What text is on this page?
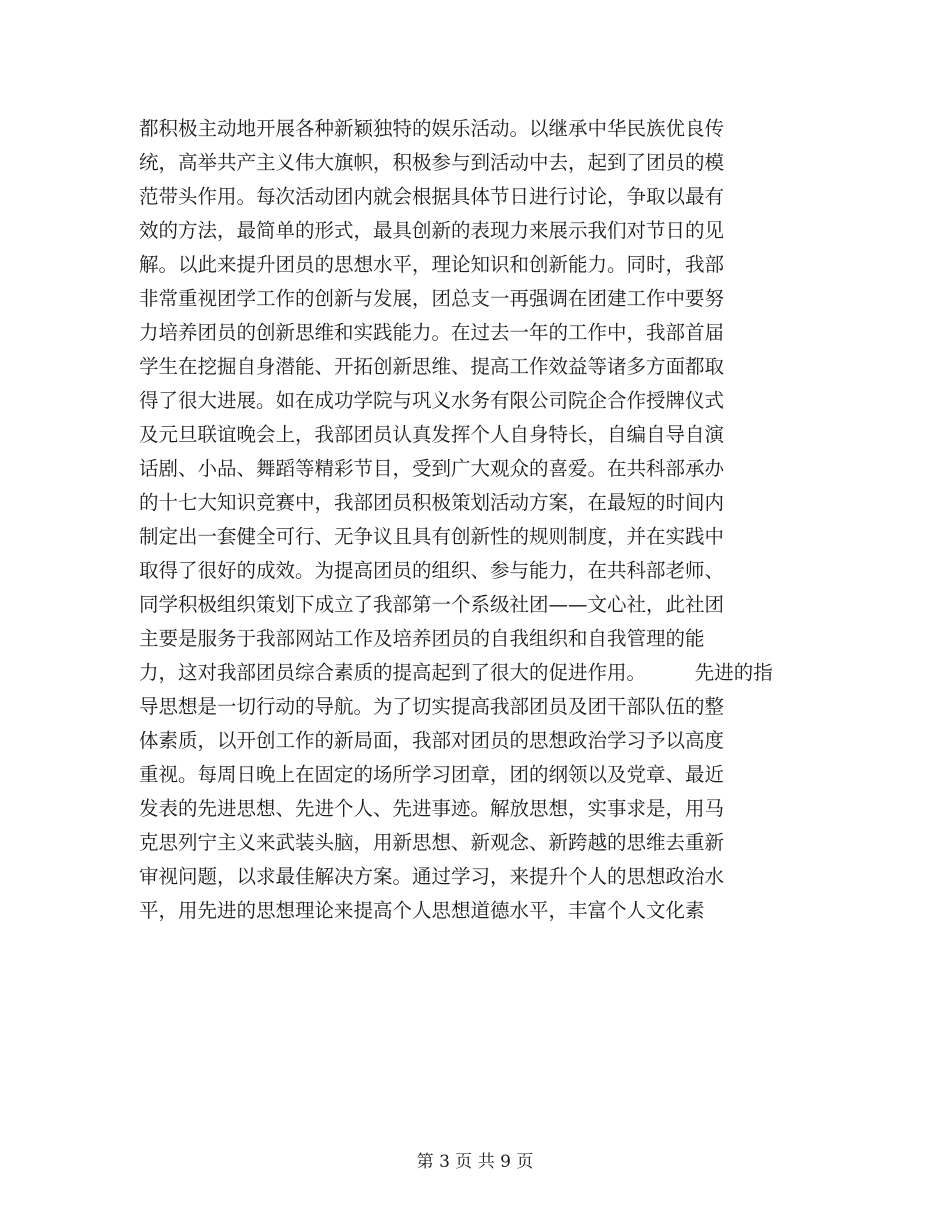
都积极主动地开展各种新颖独特的娱乐活动。以继承中华民族优良传
统，高举共产主义伟大旗帜，积极参与到活动中去，起到了团员的模
范带头作用。每次活动团内就会根据具体节日进行讨论，争取以最有
效的方法，最简单的形式，最具创新的表现力来展示我们对节日的见
解。以此来提升团员的思想水平，理论知识和创新能力。同时，我部
非常重视团学工作的创新与发展，团总支一再强调在团建工作中要努
力培养团员的创新思维和实践能力。在过去一年的工作中，我部首届
学生在挖掘自身潜能、开拓创新思维、提高工作效益等诸多方面都取
得了很大进展。如在成功学院与巩义水务有限公司院企合作授牌仪式
及元旦联谊晚会上，我部团员认真发挥个人自身特长，自编自导自演
话剧、小品、舞蹈等精彩节目，受到广大观众的喜爱。在共科部承办
的十七大知识竞赛中，我部团员积极策划活动方案，在最短的时间内
制定出一套健全可行、无争议且具有创新性的规则制度，并在实践中
取得了很好的成效。为提高团员的组织、参与能力，在共科部老师、
同学积极组织策划下成立了我部第一个系级社团——文心社，此社团
主要是服务于我部网站工作及培养团员的自我组织和自我管理的能
力，这对我部团员综合素质的提高起到了很大的促进作用。　　　先进的指
导思想是一切行动的导航。为了切实提高我部团员及团干部队伍的整
体素质，以开创工作的新局面，我部对团员的思想政治学习予以高度
重视。每周日晚上在固定的场所学习团章，团的纲领以及党章、最近
发表的先进思想、先进个人、先进事迹。解放思想，实事求是，用马
克思列宁主义来武装头脑，用新思想、新观念、新跨越的思维去重新
审视问题，以求最佳解决方案。通过学习，来提升个人的思想政治水
平，用先进的思想理论来提高个人思想道德水平，丰富个人文化素
第 3 页 共 9 页
